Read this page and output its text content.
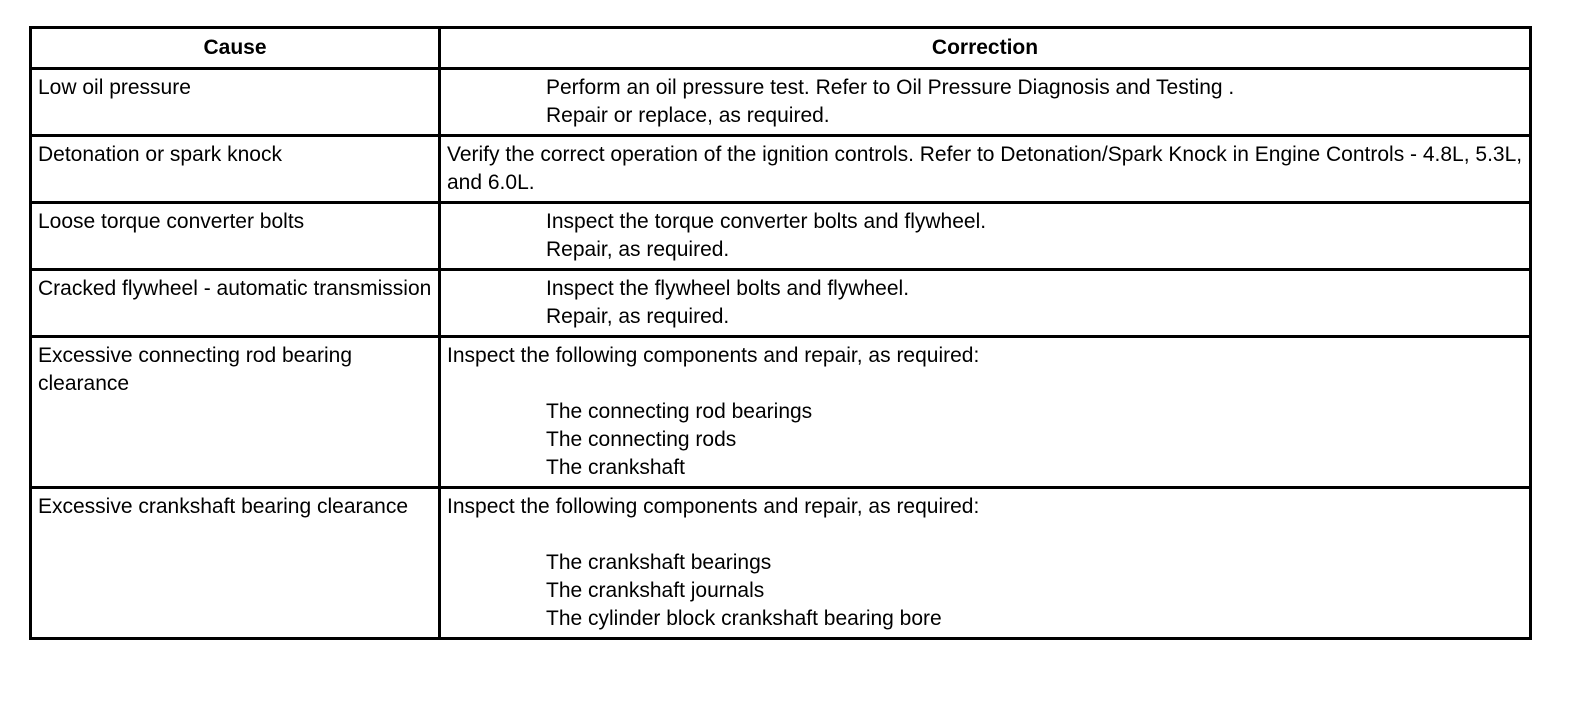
Cause	Correction
Low oil pressure	Perform an oil pressure test. Refer to Oil Pressure Diagnosis and Testing .
Repair or replace, as required.

Detonation or spark knock	Verify the correct operation of the ignition controls. Refer to Detonation/Spark Knock in Engine Controls - 4.8L, 5.3L, and 6.0L.

Loose torque converter bolts	Inspect the torque converter bolts and flywheel.
Repair, as required.

Cracked flywheel - automatic transmission	Inspect the flywheel bolts and flywheel.
Repair, as required.

Excessive connecting rod bearing clearance	Inspect the following components and repair, as required:
The connecting rod bearings
The connecting rods
The crankshaft

Excessive crankshaft bearing clearance	Inspect the following components and repair, as required:
The crankshaft bearings
The crankshaft journals
The cylinder block crankshaft bearing bore
